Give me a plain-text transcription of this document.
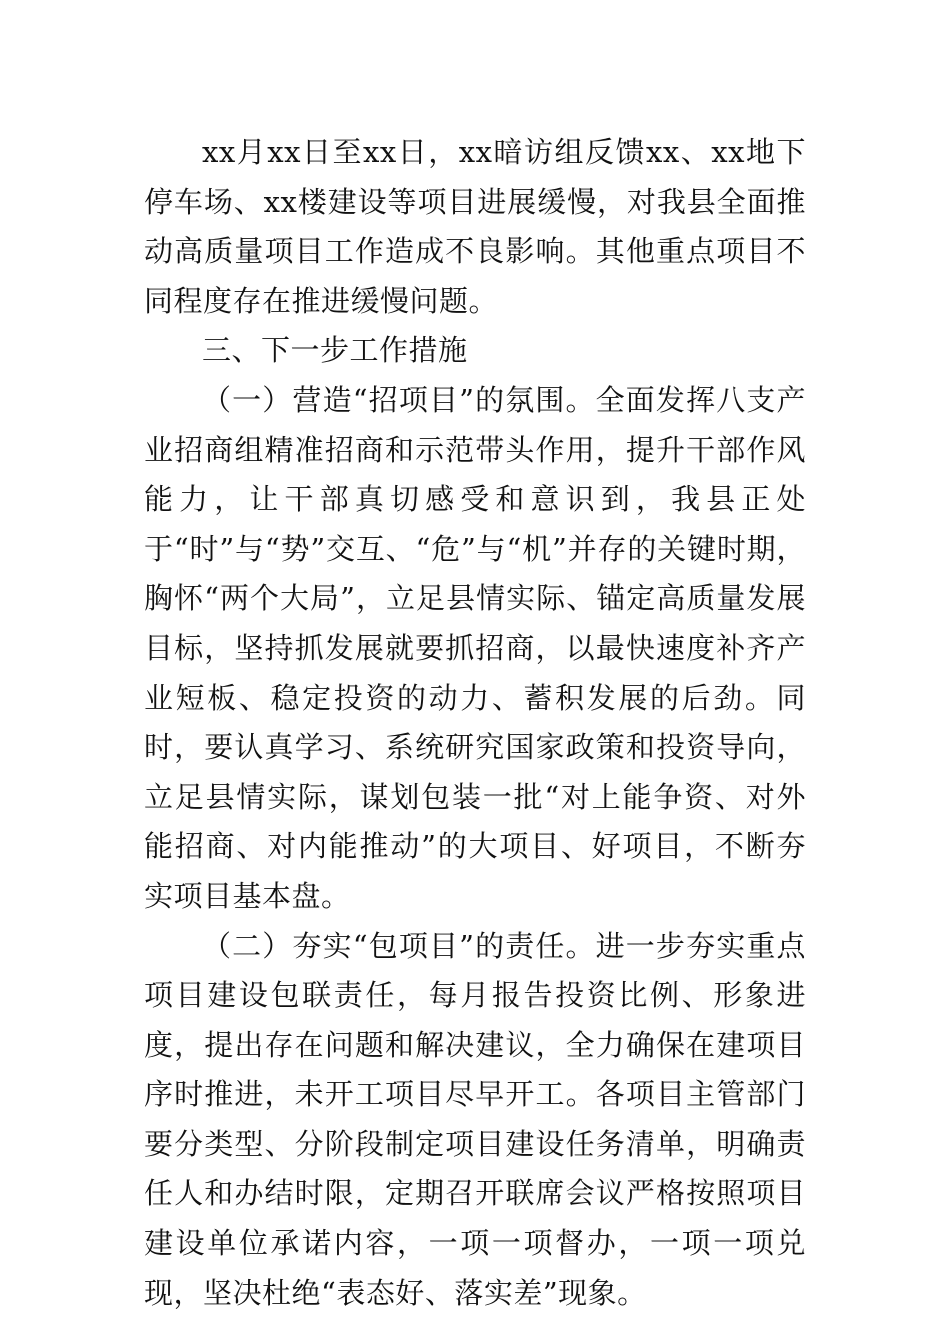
xx月xx日至xx日，xx暗访组反馈xx、xx地下停车场、xx楼建设等项目进展缓慢，对我县全面推动高质量项目工作造成不良影响。其他重点项目不同程度存在推进缓慢问题。

三、下一步工作措施

（一）营造“招项目”的氛围。全面发挥八支产业招商组精准招商和示范带头作用，提升干部作风能力，让干部真切感受和意识到，我县正处于“时”与“势”交互、“危”与“机”并存的关键时期，胸怀“两个大局”，立足县情实际、锚定高质量发展目标，坚持抓发展就要抓招商，以最快速度补齐产业短板、稳定投资的动力、蓄积发展的后劲。同时，要认真学习、系统研究国家政策和投资导向，立足县情实际，谋划包装一批“对上能争资、对外能招商、对内能推动”的大项目、好项目，不断夯实项目基本盘。

（二）夯实“包项目”的责任。进一步夯实重点项目建设包联责任，每月报告投资比例、形象进度，提出存在问题和解决建议，全力确保在建项目序时推进，未开工项目尽早开工。各项目主管部门要分类型、分阶段制定项目建设任务清单，明确责任人和办结时限，定期召开联席会议严格按照项目建设单位承诺内容，一项一项督办，一项一项兑现，坚决杜绝“表态好、落实差”现象。
